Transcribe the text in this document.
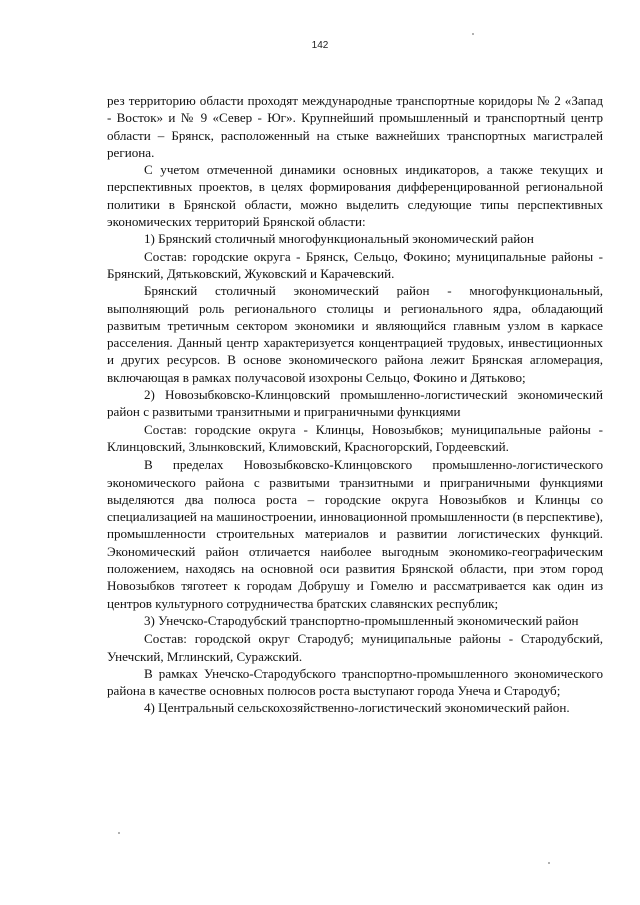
142

рез территорию области проходят международные транспортные коридоры № 2 «Запад - Восток» и № 9 «Север - Юг». Крупнейший промышленный и транспортный центр области – Брянск, расположенный на стыке важнейших транспортных магистралей региона.

С учетом отмеченной динамики основных индикаторов, а также текущих и перспективных проектов, в целях формирования дифференцированной региональной политики в Брянской области, можно выделить следующие типы перспективных экономических территорий Брянской области:

1) Брянский столичный многофункциональный экономический район

Состав: городские округа - Брянск, Сельцо, Фокино; муниципальные районы - Брянский, Дятьковский, Жуковский и Карачевский.

Брянский столичный экономический район - многофункциональный, выполняющий роль регионального столицы и регионального ядра, обладающий развитым третичным сектором экономики и являющийся главным узлом в каркасе расселения. Данный центр характеризуется концентрацией трудовых, инвестиционных и других ресурсов. В основе экономического района лежит Брянская агломерация, включающая в рамках получасовой изохроны Сельцо, Фокино и Дятьково;

2) Новозыбковско-Клинцовский промышленно-логистический экономический район с развитыми транзитными и приграничными функциями

Состав: городские округа - Клинцы, Новозыбков; муниципальные районы - Клинцовский, Злынковский, Климовский, Красногорский, Гордеевский.

В пределах Новозыбковско-Клинцовского промышленно-логистического экономического района с развитыми транзитными и приграничными функциями выделяются два полюса роста – городские округа Новозыбков и Клинцы со специализацией на машиностроении, инновационной промышленности (в перспективе), промышленности строительных материалов и развитии логистических функций. Экономический район отличается наиболее выгодным экономико-географическим положением, находясь на основной оси развития Брянской области, при этом город Новозыбков тяготеет к городам Добрушу и Гомелю и рассматривается как один из центров культурного сотрудничества братских славянских республик;

3) Унечско-Стародубский транспортно-промышленный экономический район

Состав: городской округ Стародуб; муниципальные районы - Стародубский, Унечский, Мглинский, Суражский.

В рамках Унечско-Стародубского транспортно-промышленного экономического района в качестве основных полюсов роста выступают города Унеча и Стародуб;

4) Центральный сельскохозяйственно-логистический экономический район.
